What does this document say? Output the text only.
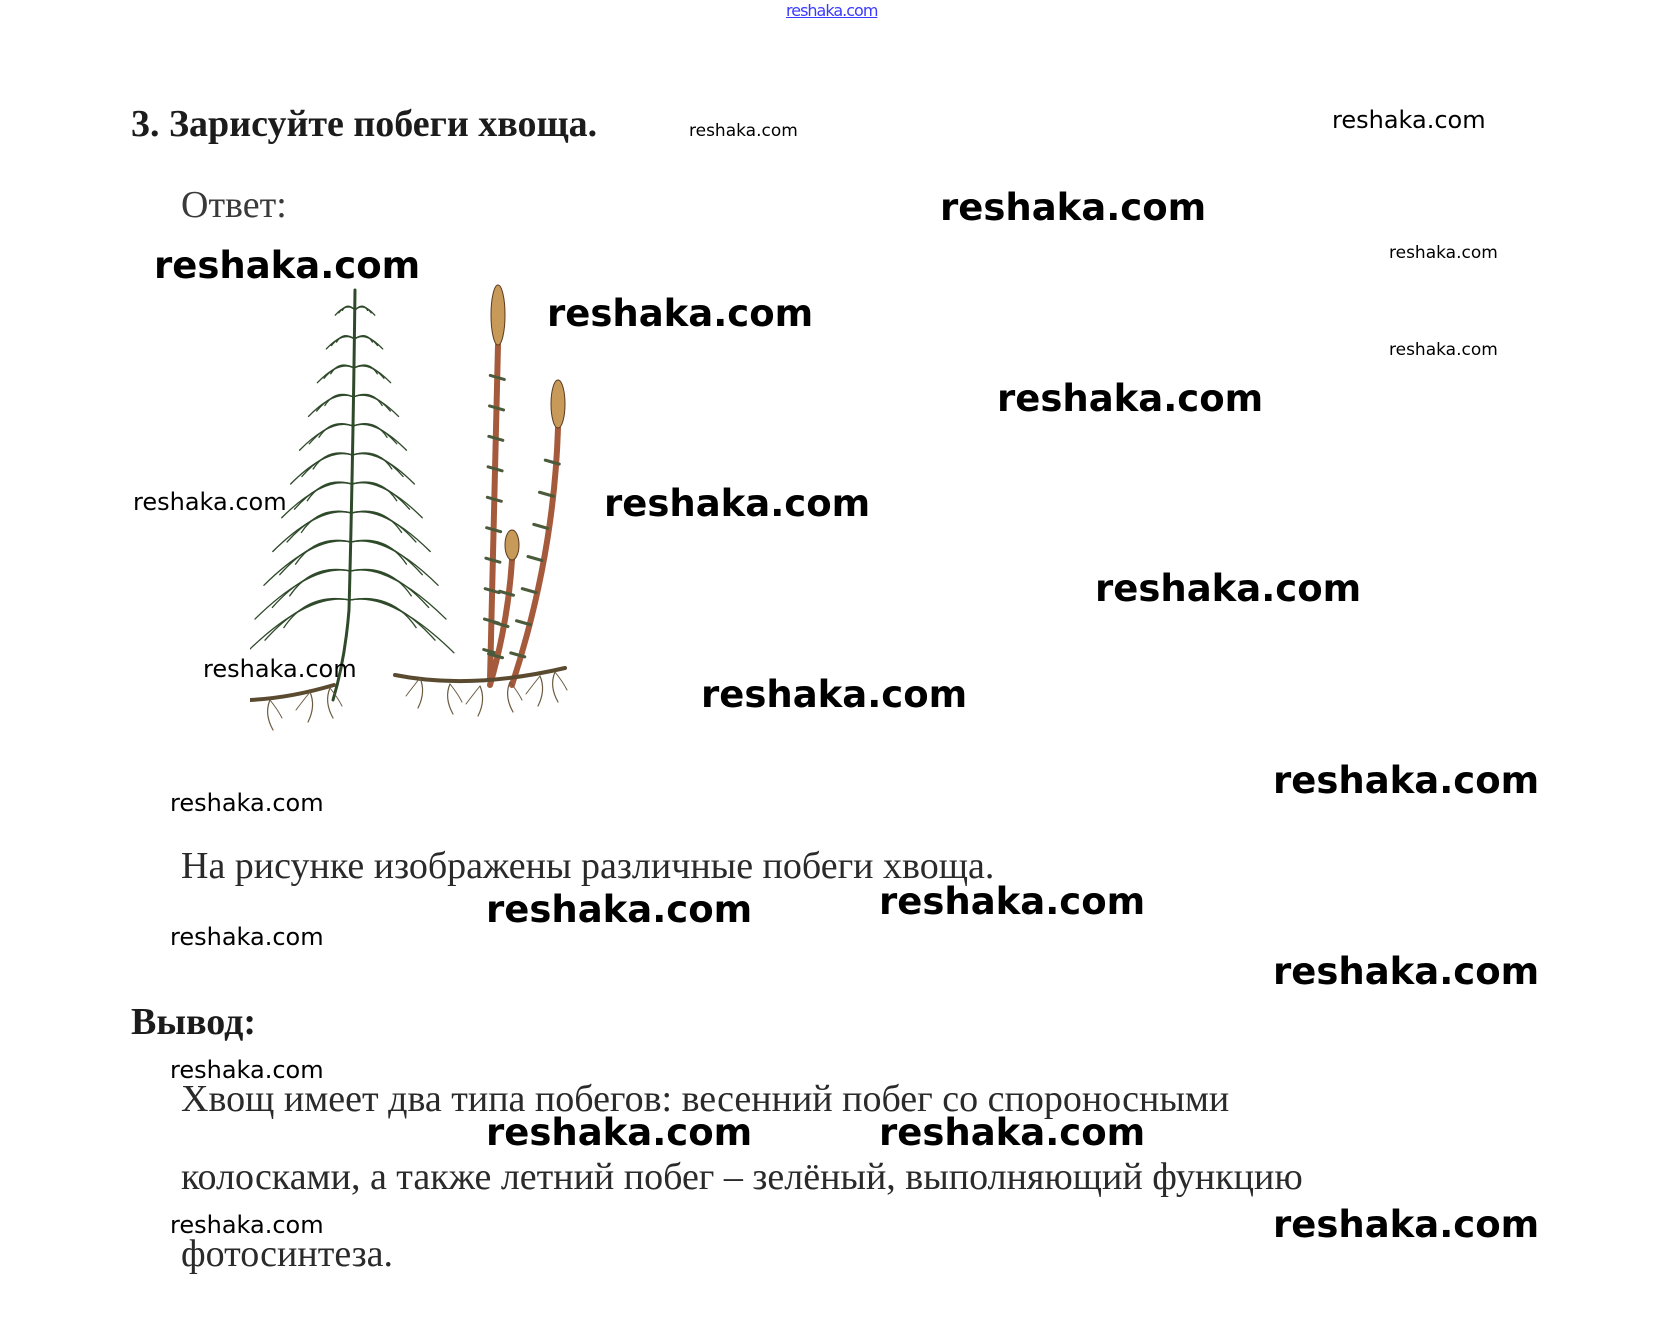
reshaka.com
3. Зарисуйте побеги хвоща.
Ответ:
На рисунке изображены различные побеги хвоща.
Вывод:
Хвощ имеет два типа побегов: весенний побег со спороносными
колосками, а также летний побег – зелёный, выполняющий функцию
фотосинтеза.
reshaka.com	reshaka.com
reshaka.com
reshaka.com
reshaka.com
reshaka.com
reshaka.com
reshaka.com
reshaka.com	reshaka.com
reshaka.com
reshaka.com
reshaka.com
reshaka.com
reshaka.com
reshaka.com	reshaka.com
reshaka.com
reshaka.com
reshaka.com
reshaka.com	reshaka.com
reshaka.com	reshaka.com
